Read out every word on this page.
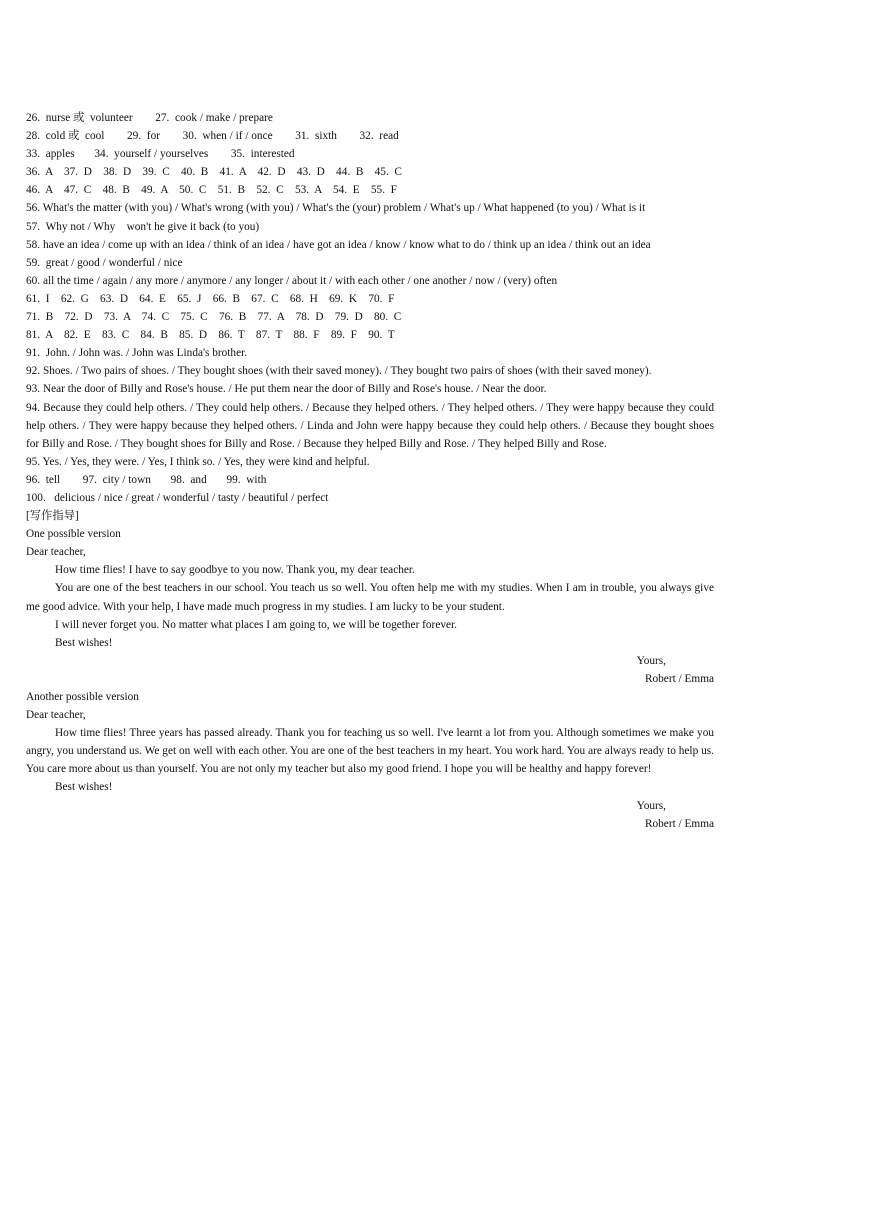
26.  nurse 或  volunteer        27.  cook / make / prepare
28.  cold 或  cool        29.  for        30.  when / if / once        31.  sixth        32.  read
33.  apples       34.  yourself / yourselves        35.  interested
36.  A    37.  D    38.  D    39.  C    40.  B    41.  A    42.  D    43.  D    44.  B    45.  C
46.  A    47.  C    48.  B    49.  A    50.  C    51.  B    52.  C    53.  A    54.  E    55.  F
56. What's the matter (with you) / What's wrong (with you) / What's the (your) problem / What's up / What happened (to you) / What is it
57.  Why not / Why    won't he give it back (to you)
58. have an idea / come up with an idea / think of an idea / have got an idea / know / know what to do / think up an idea / think out an idea
59.  great / good / wonderful / nice
60. all the time / again / any more / anymore / any longer / about it / with each other / one another / now / (very) often
61.  I    62.  G    63.  D    64.  E    65.  J    66.  B    67.  C    68.  H    69.  K    70.  F
71.  B    72.  D    73.  A    74.  C    75.  C    76.  B    77.  A    78.  D    79.  D    80.  C
81.  A    82.  E    83.  C    84.  B    85.  D    86.  T    87.  T    88.  F    89.  F    90.  T
91.  John. / John was. / John was Linda's brother.
92. Shoes. / Two pairs of shoes. / They bought shoes (with their saved money). / They bought two pairs of shoes (with their saved money).
93. Near the door of Billy and Rose's house. / He put them near the door of Billy and Rose's house. / Near the door.
94. Because they could help others. / They could help others. / Because they helped others. / They helped others. / They were happy because they could help others. / They were happy because they helped others. / Linda and John were happy because they could help others. / Because they bought shoes for Billy and Rose. / They bought shoes for Billy and Rose. / Because they helped Billy and Rose. / They helped Billy and Rose.
95. Yes. / Yes, they were. / Yes, I think so. / Yes, they were kind and helpful.
96.  tell        97.  city / town       98.  and       99.  with
100.   delicious / nice / great / wonderful / tasty / beautiful / perfect
[写作指导]
One possible version
Dear teacher,
How time flies! I have to say goodbye to you now. Thank you, my dear teacher.
You are one of the best teachers in our school. You teach us so well. You often help me with my studies. When I am in trouble, you always give me good advice. With your help, I have made much progress in my studies. I am lucky to be your student.
I will never forget you. No matter what places I am going to, we will be together forever.
Best wishes!
Yours,
Robert / Emma
Another possible version
Dear teacher,
How time flies! Three years has passed already. Thank you for teaching us so well. I've learnt a lot from you. Although sometimes we make you angry, you understand us. We get on well with each other. You are one of the best teachers in my heart. You work hard. You are always ready to help us. You care more about us than yourself. You are not only my teacher but also my good friend. I hope you will be healthy and happy forever!
Best wishes!
Yours,
Robert / Emma
